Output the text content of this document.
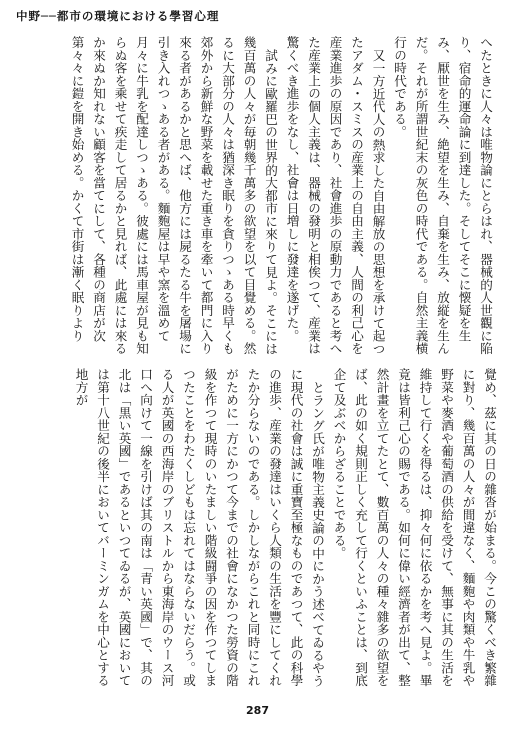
中野──都市の環境における學習心理

へたときに人々は唯物論にとらはれ、器械的人世觀に陥り、宿命的運命論に到達した。そしてそこに懐疑を生み、厭世を生み、絶望を生み、自棄を生み、放縦を生んだ。それが所謂世紀末の灰色の時代である。自然主義横行の時代である。

又一方近代人の熱求した自由解放の思想を承けて起つたアダム・スミスの産業上の自由主義、人間の利己心を産業進歩の原因であり、社會進歩の原動力であると考へた産業上の個人主義は、器械の發明と相俟つて、産業は驚くべき進歩をなし、社會は日増しに發達を遂げた。

試みに歐羅巴の世界的大都市に來りて見よ。そこには幾百萬の人々が毎朝幾千萬多の欲望を以て目覺める。然るに大部分の人々は猶深き眠りを貪りつゝある時早くも郊外から新鮮な野菜を載せた重き車を牽いて都門に入り來る者があるかと思へば、他方には屍るたる牛を屠場に引き入れつゝある者がある。麵麭屋は早や窯を溫めて月々に牛乳を配達しつゝある。彼處には馬車屋が見も知らぬ客を乘せて疾走して居るかと見れば、此處には來るか來ぬか知れない顧客を當てにして、各種の商店が次第々々に鎧を開き始める。かくて市街は漸く眠りより

覺め、茲に其の日の雜沓が始まる。今この驚くべき繁雜に對り、幾百萬の人々が間違なく、麵麭や肉類や牛乳や野菜や麥酒や葡萄酒の供給を受けて、無事に其の生活を維持して行くを得るは、抑々何に依るかを考へ見よ。畢竟は皆利己心の賜である。如何に偉い經濟者が出て、整然計畫を立てたとて、數百萬の人々の種々雜多の欲望をば、此の如く規則正しく充して行くといふことは、到底企て及ぶべからざることである。

とラング氏が唯物主義史論の中にかう述べてゐるやうに現代の社會は誠に重寶至極なものであつて、此の科學の進歩、産業の發達はいくら人類の生活を豐にしてくれたか分らないのである。しかしながらこれと同時にこれがために一方にかつて今までの社會になかつた勞資の階級を作つて現時のいたましい階級闘爭の因を作つてしまつたことをわたくしどもは忘れてはならないだらう。或る人が英國の西海岸のブリストルから東海岸のウース河口へ向けて一線を引けば其の南は「青い英國」で、其の北は「黒い英國」であるといつてゐるが、英國においては第十八世紀の後半においてバーミンガムを中心とする地方が

287
